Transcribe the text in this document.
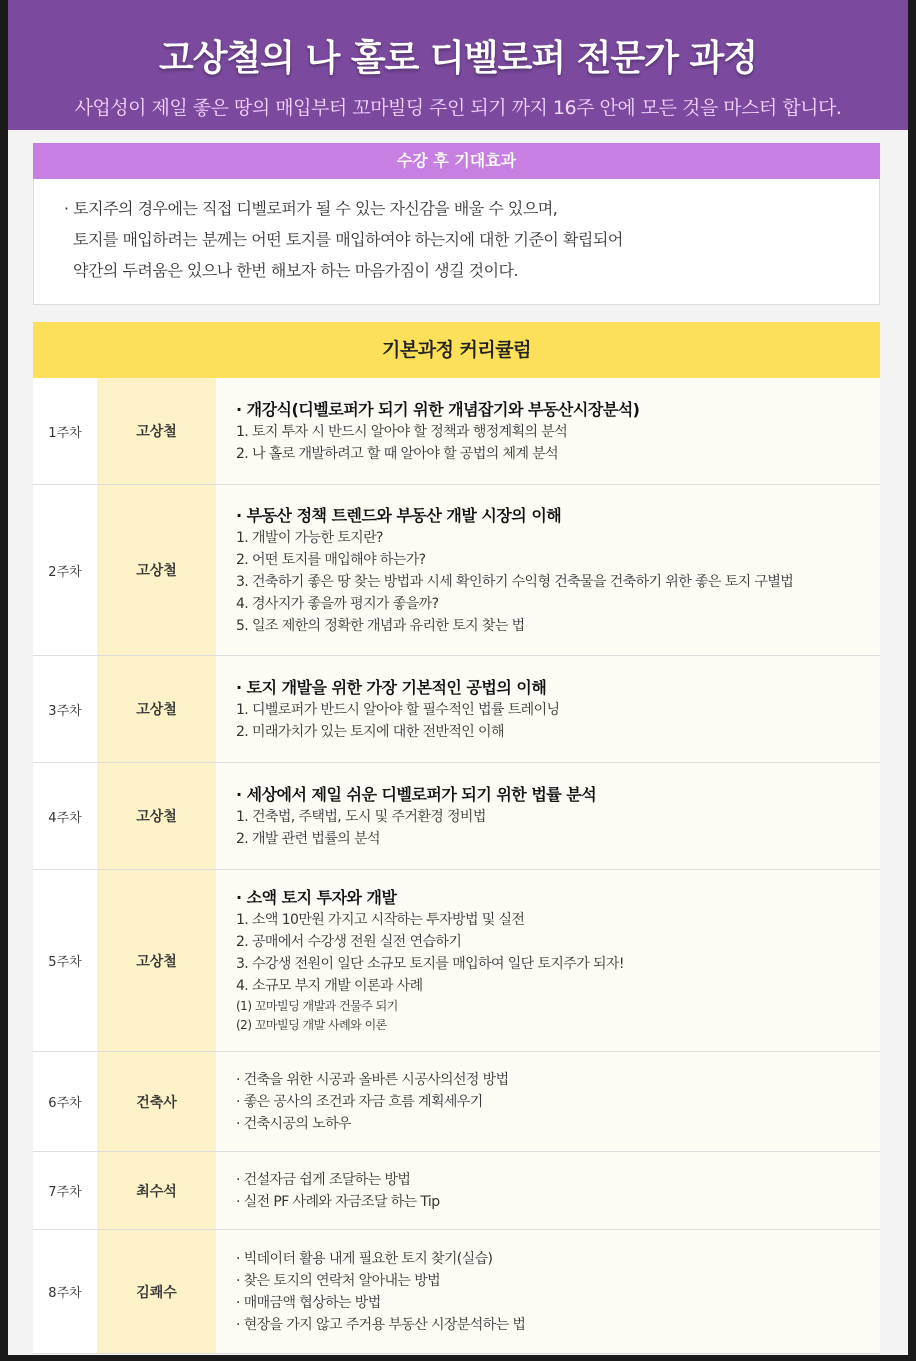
고상철의 나 홀로 디벨로퍼 전문가 과정
사업성이 제일 좋은 땅의 매입부터 꼬마빌딩 주인 되기 까지 16주 안에 모든 것을 마스터 합니다.
수강 후 기대효과
· 토지주의 경우에는 직접 디벨로퍼가 될 수 있는 자신감을 배울 수 있으며,
토지를 매입하려는 분께는 어떤 토지를 매입하여야 하는지에 대한 기준이 확립되어
약간의 두려움은 있으나 한번 해보자 하는 마음가짐이 생길 것이다.
기본과정 커리큘럼
1주차	고상철
· 개강식(디벨로퍼가 되기 위한 개념잡기와 부동산시장분석)
1. 토지 투자 시 반드시 알아야 할 정책과 행정계획의 분석
2. 나 홀로 개발하려고 할 때 알아야 할 공법의 체계 분석
2주차	고상철
· 부동산 정책 트렌드와 부동산 개발 시장의 이해
1. 개발이 가능한 토지란?
2. 어떤 토지를 매입해야 하는가?
3. 건축하기 좋은 땅 찾는 방법과 시세 확인하기 수익형 건축물을 건축하기 위한 좋은 토지 구별법
4. 경사지가 좋을까 평지가 좋을까?
5. 일조 제한의 정확한 개념과 유리한 토지 찾는 법
3주차	고상철
· 토지 개발을 위한 가장 기본적인 공법의 이해
1. 디벨로퍼가 반드시 알아야 할 필수적인 법률 트레이닝
2. 미래가치가 있는 토지에 대한 전반적인 이해
4주차	고상철
· 세상에서 제일 쉬운 디벨로퍼가 되기 위한 법률 분석
1. 건축법, 주택법, 도시 및 주거환경 정비법
2. 개발 관련 법률의 분석
5주차	고상철
· 소액 토지 투자와 개발
1. 소액 10만원 가지고 시작하는 투자방법 및 실전
2. 공매에서 수강생 전원 실전 연습하기
3. 수강생 전원이 일단 소규모 토지를 매입하여 일단 토지주가 되자!
4. 소규모 부지 개발 이론과 사례
(1) 꼬마빌딩 개발과 건물주 되기
(2) 꼬마빌딩 개발 사례와 이론
6주차	건축사
· 건축을 위한 시공과 올바른 시공사의선정 방법
· 좋은 공사의 조건과 자금 흐름 계획세우기
· 건축시공의 노하우
7주차	최수석
· 건설자금 쉽게 조달하는 방법
· 실전 PF 사례와 자금조달 하는 Tip
8주차	김쾌수
· 빅데이터 활용 내게 필요한 토지 찾기(실습)
· 찾은 토지의 연락처 알아내는 방법
· 매매금액 협상하는 방법
· 현장을 가지 않고 주거용 부동산 시장분석하는 법
